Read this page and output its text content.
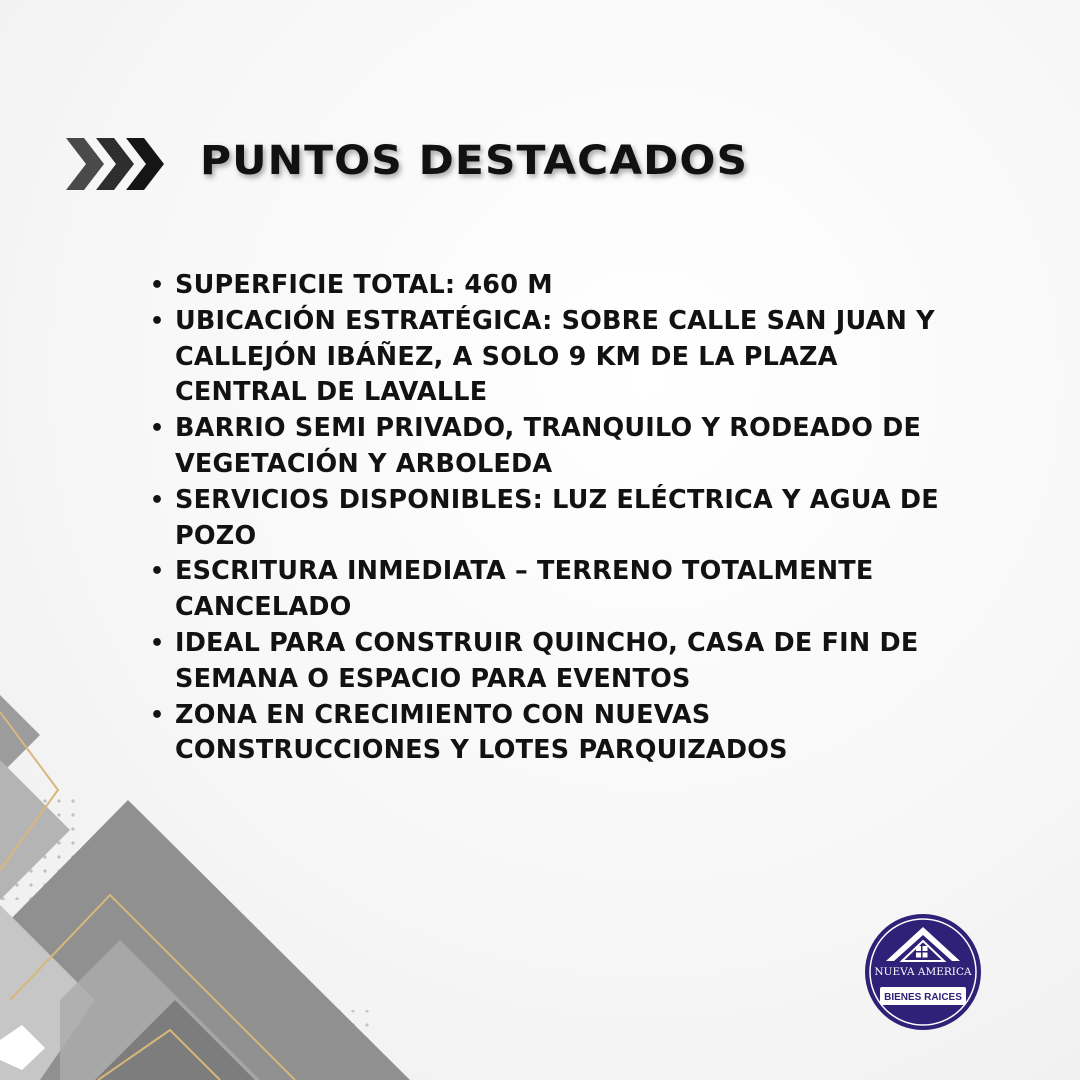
PUNTOS DESTACADOS
• SUPERFICIE TOTAL: 460 M
• UBICACIÓN ESTRATÉGICA: SOBRE CALLE SAN JUAN Y CALLEJÓN IBÁÑEZ, A SOLO 9 KM DE LA PLAZA CENTRAL DE LAVALLE
• BARRIO SEMI PRIVADO, TRANQUILO Y RODEADO DE VEGETACIÓN Y ARBOLEDA
• SERVICIOS DISPONIBLES: LUZ ELÉCTRICA Y AGUA DE POZO
• ESCRITURA INMEDIATA – TERRENO TOTALMENTE CANCELADO
• IDEAL PARA CONSTRUIR QUINCHO, CASA DE FIN DE SEMANA O ESPACIO PARA EVENTOS
• ZONA EN CRECIMIENTO CON NUEVAS CONSTRUCCIONES Y LOTES PARQUIZADOS
NUEVA AMERICA
BIENES RAICES
